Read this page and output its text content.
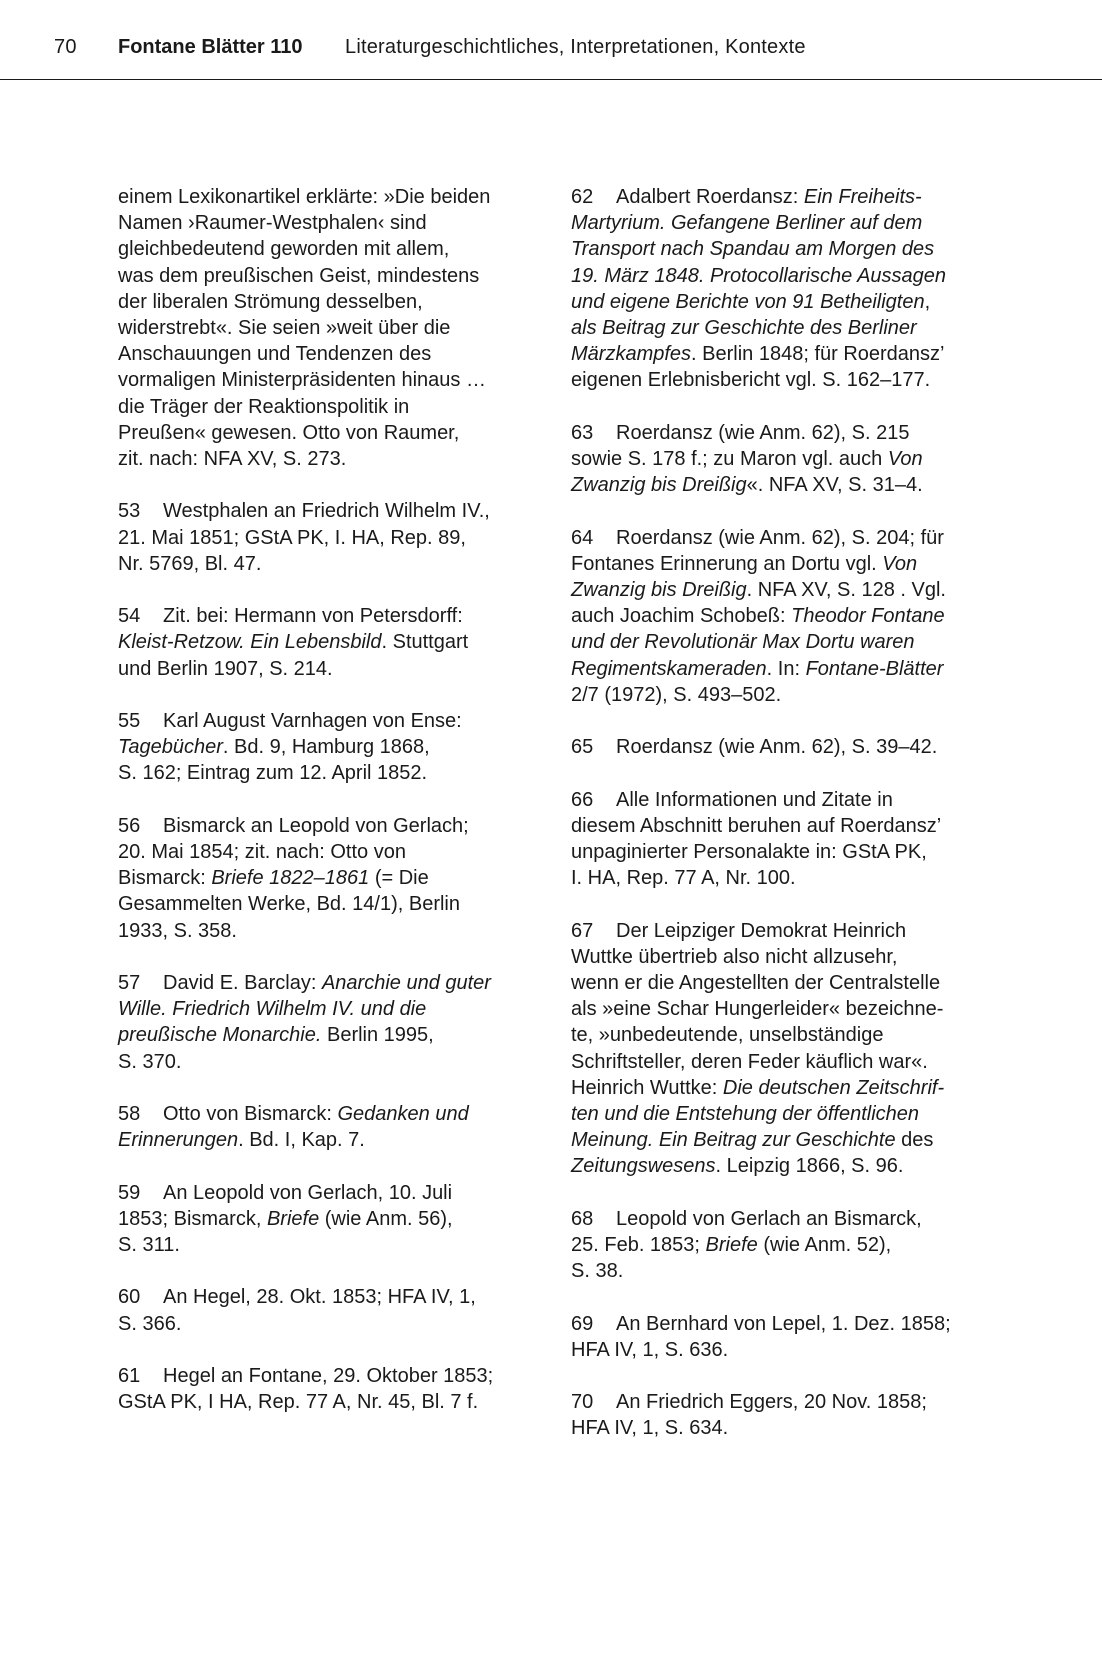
70 Fontane Blätter 110 Literaturgeschichtliches, Interpretationen, Kontexte
einem Lexikonartikel erklärte: »Die beiden
Namen ›Raumer-Westphalen‹ sind
gleichbedeutend geworden mit allem,
was dem preußischen Geist, mindestens
der liberalen Strömung desselben,
widerstrebt«. Sie seien »weit über die
Anschauungen und Tendenzen des
vormaligen Ministerpräsidenten hinaus …
die Träger der Reaktionspolitik in
Preußen« gewesen. Otto von Raumer,
zit. nach: NFA XV, S. 273.
53 Westphalen an Friedrich Wilhelm IV.,
21. Mai 1851; GStA PK, I. HA, Rep. 89,
Nr. 5769, Bl. 47.
54 Zit. bei: Hermann von Petersdorff:
Kleist-Retzow. Ein Lebensbild. Stuttgart
und Berlin 1907, S. 214.
55 Karl August Varnhagen von Ense:
Tagebücher. Bd. 9, Hamburg 1868,
S. 162; Eintrag zum 12. April 1852.
56 Bismarck an Leopold von Gerlach;
20. Mai 1854; zit. nach: Otto von
Bismarck: Briefe 1822–1861 (= Die
Gesammelten Werke, Bd. 14/1), Berlin
1933, S. 358.
57 David E. Barclay: Anarchie und guter
Wille. Friedrich Wilhelm IV. und die
preußische Monarchie. Berlin 1995,
S. 370.
58 Otto von Bismarck: Gedanken und
Erinnerungen. Bd. I, Kap. 7.
59 An Leopold von Gerlach, 10. Juli
1853; Bismarck, Briefe (wie Anm. 56),
S. 311.
60 An Hegel, 28. Okt. 1853; HFA IV, 1,
S. 366.
61 Hegel an Fontane, 29. Oktober 1853;
GStA PK, I HA, Rep. 77 A, Nr. 45, Bl. 7 f.
62 Adalbert Roerdansz: Ein Freiheits-
Martyrium. Gefangene Berliner auf dem
Transport nach Spandau am Morgen des
19. März 1848. Protocollarische Aussagen
und eigene Berichte von 91 Betheiligten,
als Beitrag zur Geschichte des Berliner
Märzkampfes. Berlin 1848; für Roerdansz’
eigenen Erlebnisbericht vgl. S. 162–177.
63 Roerdansz (wie Anm. 62), S. 215
sowie S. 178 f.; zu Maron vgl. auch Von
Zwanzig bis Dreißig«. NFA XV, S. 31–4.
64 Roerdansz (wie Anm. 62), S. 204; für
Fontanes Erinnerung an Dortu vgl. Von
Zwanzig bis Dreißig. NFA XV, S. 128 . Vgl.
auch Joachim Schobeß: Theodor Fontane
und der Revolutionär Max Dortu waren
Regimentskameraden. In: Fontane-Blätter
2/7 (1972), S. 493–502.
65 Roerdansz (wie Anm. 62), S. 39–42.
66 Alle Informationen und Zitate in
diesem Abschnitt beruhen auf Roerdansz’
unpaginierter Personalakte in: GStA PK,
I. HA, Rep. 77 A, Nr. 100.
67 Der Leipziger Demokrat Heinrich
Wuttke übertrieb also nicht allzusehr,
wenn er die Angestellten der Centralstelle
als »eine Schar Hungerleider« bezeichne-
te, »unbedeutende, unselbständige
Schriftsteller, deren Feder käuflich war«.
Heinrich Wuttke: Die deutschen Zeitschrif-
ten und die Entstehung der öffentlichen
Meinung. Ein Beitrag zur Geschichte des
Zeitungswesens. Leipzig 1866, S. 96.
68 Leopold von Gerlach an Bismarck,
25. Feb. 1853; Briefe (wie Anm. 52),
S. 38.
69 An Bernhard von Lepel, 1. Dez. 1858;
HFA IV, 1, S. 636.
70 An Friedrich Eggers, 20 Nov. 1858;
HFA IV, 1, S. 634.
